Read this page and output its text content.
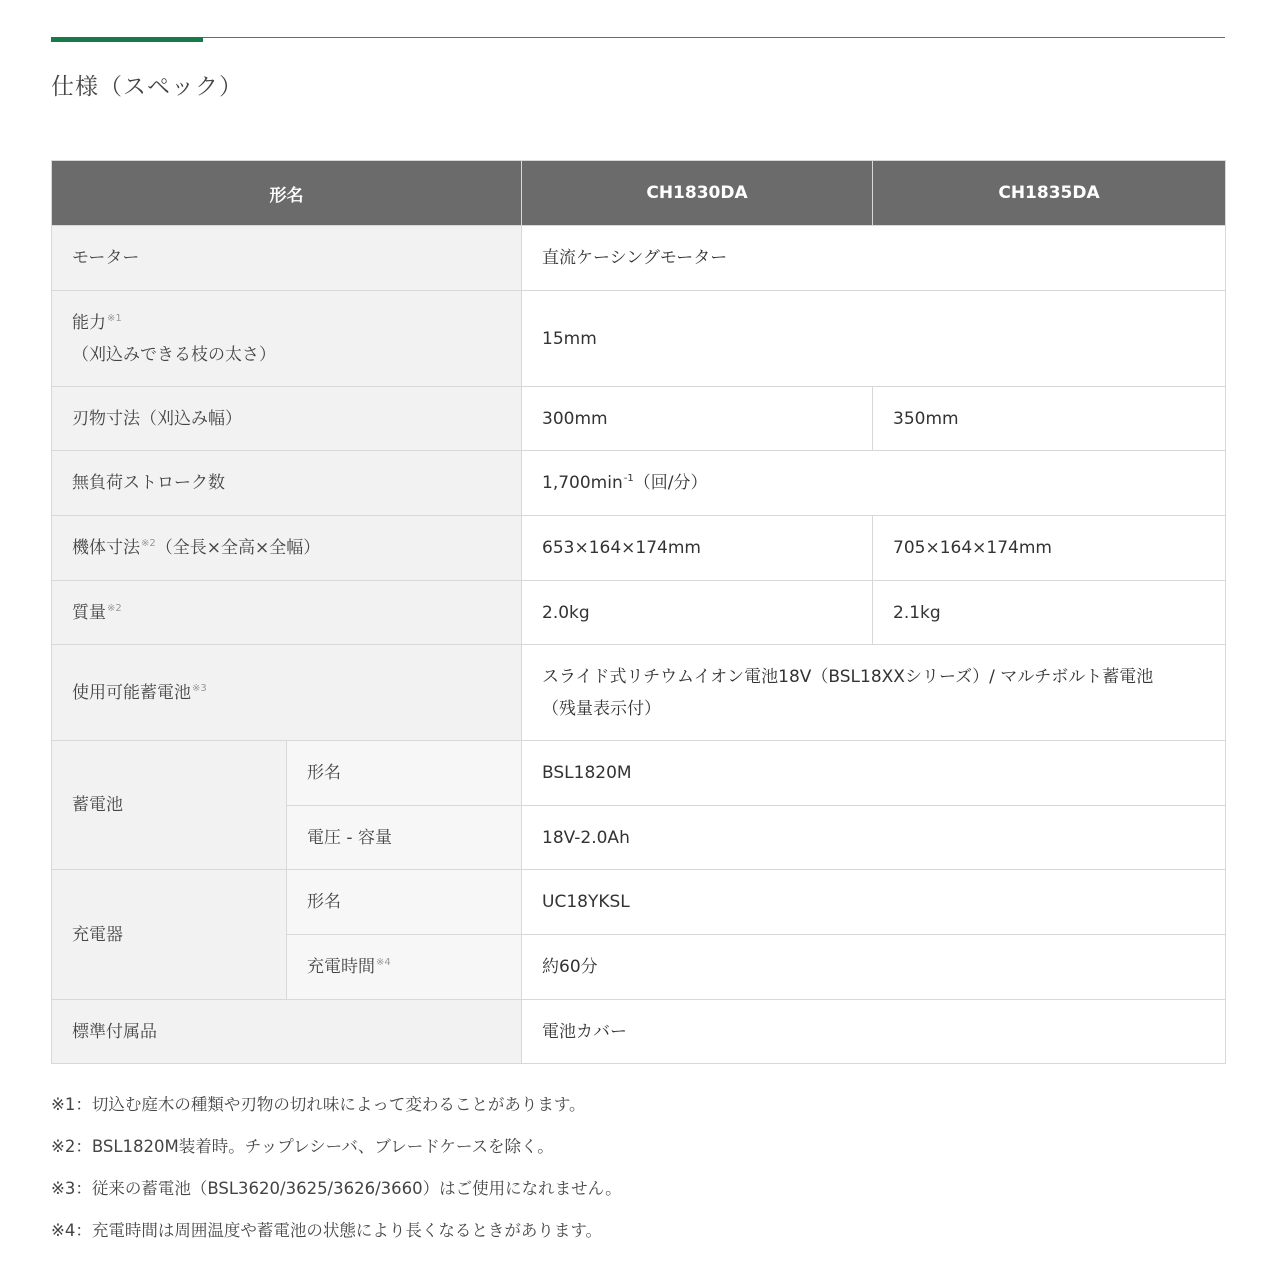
仕様（スペック）
形名		CH1830DA	CH1835DA
モーター		直流ケーシングモーター	
能力$^{※1}$
（刈込みできる枝の太さ）		15mm	
刃物寸法（刈込み幅）		300mm	350mm
無負荷ストローク数		1,700min$^{-1}$（回/分）	
機体寸法$^{※2}$（全長×全高×全幅）		653×164×174mm	705×164×174mm
質量$^{※2}$		2.0kg	2.1kg
使用可能蓄電池$^{※3}$		スライド式リチウムイオン電池18V（BSL18XXシリーズ）/ マルチボルト蓄電池
（残量表示付）	
蓄電池	形名	BSL1820M	
	電圧 - 容量	18V-2.0Ah	
充電器	形名	UC18YKSL	
	充電時間$^{※4}$	約60分	
標準付属品		電池カバー	
※1：切込む庭木の種類や刃物の切れ味によって変わることがあります。
※2：BSL1820M装着時。チップレシーバ、ブレードケースを除く。
※3：従来の蓄電池（BSL3620/3625/3626/3660）はご使用になれません。
※4：充電時間は周囲温度や蓄電池の状態により長くなるときがあります。
